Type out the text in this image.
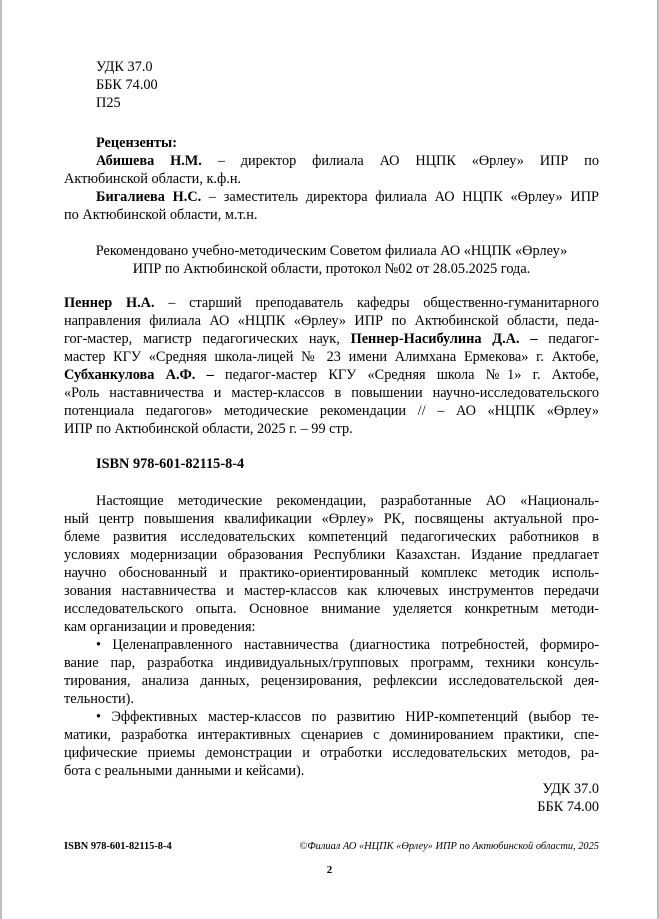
УДК 37.0
ББК 74.00
П25
Рецензенты:
Абишева Н.М. – директор филиала АО НЦПК «Өрлеу» ИПР по
Актюбинской области, к.ф.н.
Бигалиева Н.С. – заместитель директора филиала АО НЦПК «Өрлеу» ИПР
по Актюбинской области, м.т.н.
Рекомендовано учебно-методическим Советом филиала АО «НЦПК «Өрлеу»
ИПР по Актюбинской области, протокол №02 от 28.05.2025 года.
Пеннер Н.А. – старший преподаватель кафедры общественно-гуманитарного
направления филиала АО «НЦПК «Өрлеу» ИПР по Актюбинской области, педа-
гог-мастер, магистр педагогических наук, Пеннер-Насибулина Д.А. – педагог-
мастер КГУ «Средняя школа-лицей № 23 имени Алимхана Ермекова» г. Актобе,
Субханкулова А.Ф. – педагог-мастер КГУ «Средняя школа №1» г. Актобе,
«Роль наставничества и мастер-классов в повышении научно-исследовательского
потенциала педагогов» методические рекомендации // – АО «НЦПК «Өрлеу»
ИПР по Актюбинской области, 2025 г. – 99 стр.
ISBN 978-601-82115-8-4
Настоящие методические рекомендации, разработанные АО «Националь-
ный центр повышения квалификации «Өрлеу» РК, посвящены актуальной про-
блеме развития исследовательских компетенций педагогических работников в
условиях модернизации образования Республики Казахстан. Издание предлагает
научно обоснованный и практико-ориентированный комплекс методик исполь-
зования наставничества и мастер-классов как ключевых инструментов передачи
исследовательского опыта. Основное внимание уделяется конкретным методи-
кам организации и проведения:
• Целенаправленного наставничества (диагностика потребностей, формиро-
вание пар, разработка индивидуальных/групповых программ, техники консуль-
тирования, анализа данных, рецензирования, рефлексии исследовательской дея-
тельности).
• Эффективных мастер-классов по развитию НИР-компетенций (выбор те-
матики, разработка интерактивных сценариев с доминированием практики, спе-
цифические приемы демонстрации и отработки исследовательских методов, ра-
бота с реальными данными и кейсами).
УДК 37.0
ББК 74.00
ISBN 978-601-82115-8-4	©Филиал АО «НЦПК «Өрлеу» ИПР по Актюбинской области, 2025
2
